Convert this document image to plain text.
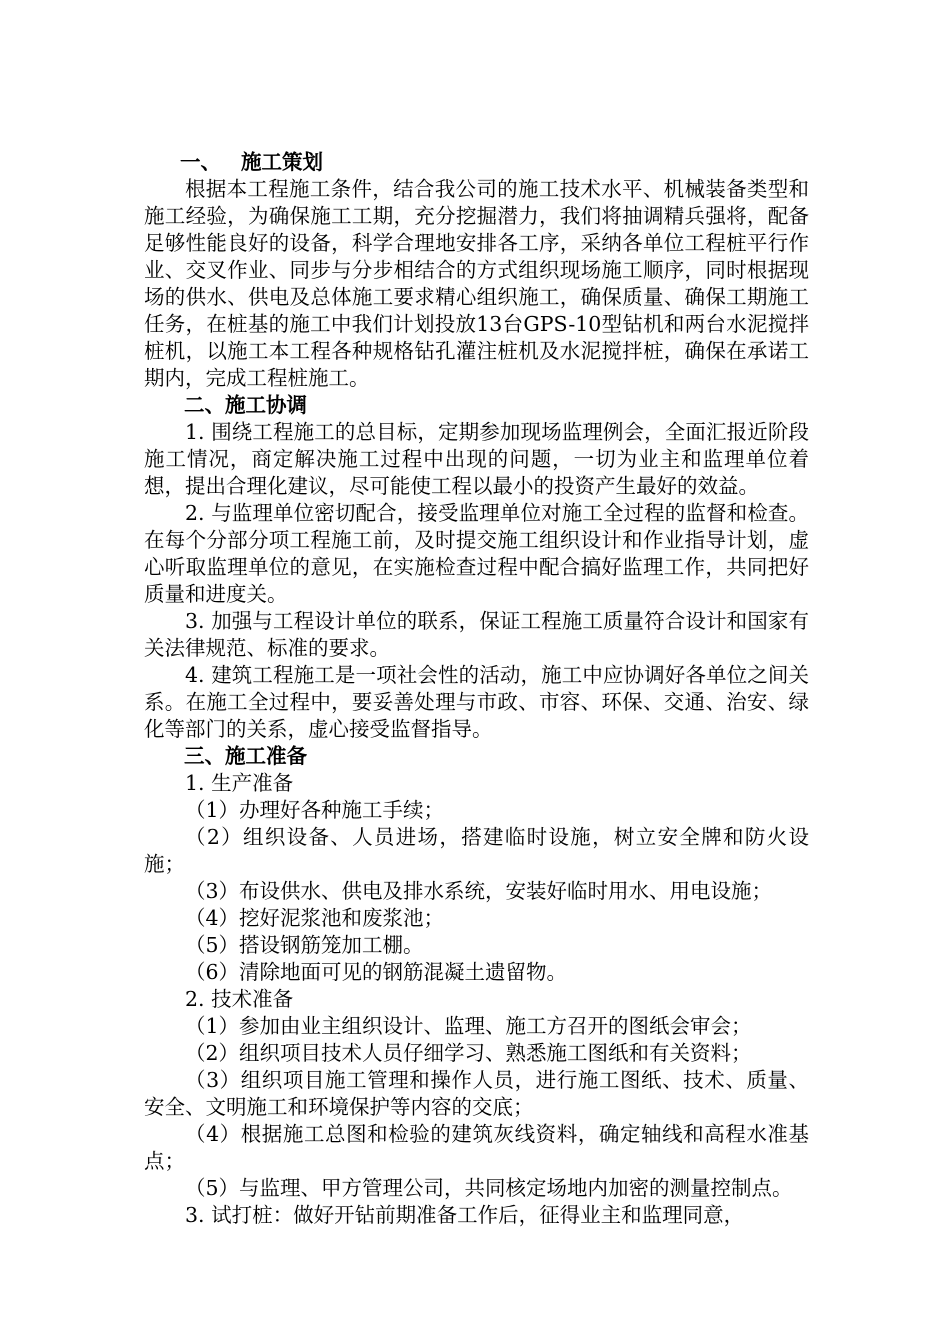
一、 施工策划

根据本工程施工条件，结合我公司的施工技术水平、机械装备类型和施工经验，为确保施工工期，充分挖掘潜力，我们将抽调精兵强将，配备足够性能良好的设备，科学合理地安排各工序，采纳各单位工程桩平行作业、交叉作业、同步与分步相结合的方式组织现场施工顺序，同时根据现场的供水、供电及总体施工要求精心组织施工，确保质量、确保工期施工任务，在桩基的施工中我们计划投放13台GPS-10型钻机和两台水泥搅拌桩机，以施工本工程各种规格钻孔灌注桩机及水泥搅拌桩，确保在承诺工期内，完成工程桩施工。

二、施工协调

1. 围绕工程施工的总目标，定期参加现场监理例会，全面汇报近阶段施工情况，商定解决施工过程中出现的问题，一切为业主和监理单位着想，提出合理化建议，尽可能使工程以最小的投资产生最好的效益。

2. 与监理单位密切配合，接受监理单位对施工全过程的监督和检查。在每个分部分项工程施工前，及时提交施工组织设计和作业指导计划，虚心听取监理单位的意见，在实施检查过程中配合搞好监理工作，共同把好质量和进度关。

3. 加强与工程设计单位的联系，保证工程施工质量符合设计和国家有关法律规范、标准的要求。

4. 建筑工程施工是一项社会性的活动，施工中应协调好各单位之间关系。在施工全过程中，要妥善处理与市政、市容、环保、交通、治安、绿化等部门的关系，虚心接受监督指导。

三、施工准备

1. 生产准备

（1）办理好各种施工手续；

（2）组织设备、人员进场，搭建临时设施，树立安全牌和防火设施；

（3）布设供水、供电及排水系统，安装好临时用水、用电设施；

（4）挖好泥浆池和废浆池；

（5）搭设钢筋笼加工棚。

（6）清除地面可见的钢筋混凝土遗留物。

2. 技术准备

（1）参加由业主组织设计、监理、施工方召开的图纸会审会；

（2）组织项目技术人员仔细学习、熟悉施工图纸和有关资料；

（3）组织项目施工管理和操作人员，进行施工图纸、技术、质量、安全、文明施工和环境保护等内容的交底；

（4）根据施工总图和检验的建筑灰线资料，确定轴线和高程水准基点；

（5）与监理、甲方管理公司，共同核定场地内加密的测量控制点。

3. 试打桩：做好开钻前期准备工作后，征得业主和监理同意，
